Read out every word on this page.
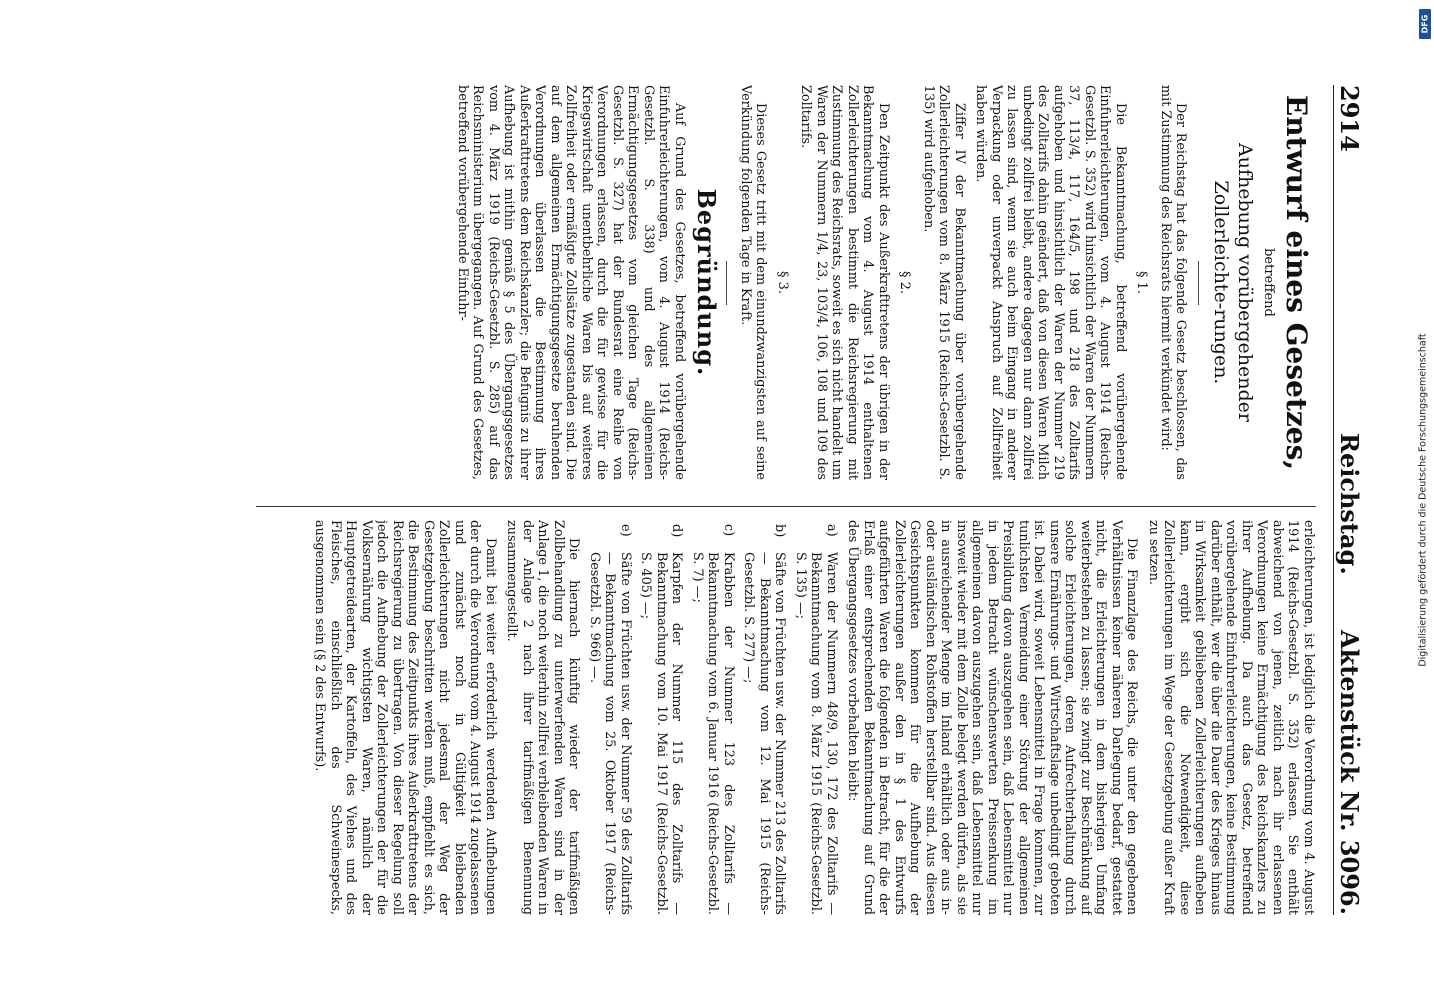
2914
Reichstag.
Aktenstück Nr. 3096.
Entwurf eines Gesetzes,
betreffend
Aufhebung vorübergehender Zollerleichte-rungen.

Der Reichstag hat das folgende Gesetz beschlossen, das mit Zustimmung des Reichsrats hiermit verkündet wird:

§ 1.

Die Bekanntmachung, betreffend vorübergehende Einfuhrerleichterungen, vom 4. August 1914 (Reichs-Gesetzbl. S. 352) wird hinsichtlich der Waren der Nummern 37, 113/4, 117, 164/5, 198 und 218 des Zolltarifs aufgehoben und hinsichtlich der Waren der Nummer 219 des Zolltarifs dahin geändert, daß von diesen Waren Milch unbedingt zollfrei bleibt, andere dagegen nur dann zollfrei zu lassen sind, wenn sie auch beim Eingang in anderer Verpackung oder unverpackt Anspruch auf Zollfreiheit haben würden.

Ziffer IV der Bekanntmachung über vorübergehende Zollerleichterungen vom 8. März 1915 (Reichs-Gesetzbl. S. 135) wird aufgehoben.

§ 2.

Den Zeitpunkt des Außerkrafttretens der übrigen in der Bekanntmachung vom 4. August 1914 enthaltenen Zollerleichterungen bestimmt die Reichsregierung mit Zustimmung des Reichsrats, soweit es sich nicht handelt um Waren der Nummern 1/4, 23, 103/4, 106, 108 und 109 des Zolltarifs.

§ 3.

Dieses Gesetz tritt mit dem einundzwanzigsten auf seine Verkündung folgenden Tage in Kraft.

Begründung.

Auf Grund des Gesetzes, betreffend vorübergehende Einfuhrerleichterungen, vom 4. August 1914 (Reichs-Gesetzbl. S. 338) und des allgemeinen Ermächtigungsgesetzes vom gleichen Tage (Reichs-Gesetzbl. S. 327) hat der Bundesrat eine Reihe von Verordnungen erlassen, durch die für gewisse für die Kriegswirtschaft unentbehrliche Waren bis auf weiteres Zollfreiheit oder ermäßigte Zollsätze zugestanden sind. Die auf dem allgemeinen Ermächtigungsgesetze beruhenden Verordnungen überlassen die Bestimmung ihres Außerkrafttretens dem Reichskanzler; die Befugnis zu ihrer Aufhebung ist mithin gemäß § 5 des Übergangsgesetzes vom 4. März 1919 (Reichs-Gesetzbl. S. 285) auf das Reichsministerium übergegangen. Auf Grund des Gesetzes, betreffend vorübergehende Einfuhr-

erleichterungen, ist lediglich die Verordnung vom 4. August 1914 (Reichs-Gesetzbl. S. 352) erlassen. Sie enthält abweichend von jenen, zeitlich nach ihr erlassenen Verordnungen keine Ermächtigung des Reichskanzlers zu ihrer Aufhebung. Da auch das Gesetz, betreffend vorübergehende Einfuhrerleichterungen, keine Bestimmung darüber enthält, wer die über die Dauer des Krieges hinaus in Wirksamkeit gebliebenen Zollerleichterungen aufheben kann, ergibt sich die Notwendigkeit, diese Zollerleichterungen im Wege der Gesetzgebung außer Kraft zu setzen.

Die Finanzlage des Reichs, die unter den gegebenen Verhältnissen keiner näheren Darlegung bedarf, gestattet nicht, die Erleichterungen in dem bisherigen Umfang weiterbestehen zu lassen; sie zwingt zur Beschränkung auf solche Erleichterungen, deren Aufrechterhaltung durch unsere Ernährungs- und Wirtschaftslage unbedingt geboten ist. Dabei wird, soweit Lebensmittel in Frage kommen, zur tunlichsten Vermeidung einer Störung der allgemeinen Preisbildung davon auszugehen sein, daß Lebensmittel nur in jedem Betracht wünschenswerten Preissenkung im allgemeinen davon auszugehen sein, daß Lebensmittel nur insoweit wieder mit dem Zolle belegt werden dürfen, als sie in ausreichender Menge im Inland erhältlich oder aus in- oder ausländischen Rohstoffen herstellbar sind. Aus diesen Gesichtspunkten kommen für die Aufhebung der Zollerleichterungen außer den in § 1 des Entwurfs aufgeführten Waren die folgenden in Betracht, für die der Erlaß einer entsprechenden Bekanntmachung auf Grund des Übergangsgesetzes vorbehalten bleibt:

a)
Waren der Nummern 48/9, 130, 172 des Zolltarifs — Bekanntmachung vom 8. März 1915 (Reichs-Gesetzbl. S. 135) —;
b)
Säfte von Früchten usw. der Nummer 213 des Zolltarifs — Bekanntmachung vom 12. Mai 1915 (Reichs-Gesetzbl. S. 277) —;
c)
Krabben der Nummer 123 des Zolltarifs — Bekanntmachung vom 6. Januar 1916 (Reichs-Gesetzbl. S. 7) —;
d)
Karpfen der Nummer 115 des Zolltarifs — Bekanntmachung vom 10. Mai 1917 (Reichs-Gesetzbl. S. 405) —;
e)
Säfte von Früchten usw. der Nummer 59 des Zolltarifs — Bekanntmachung vom 25. Oktober 1917 (Reichs-Gesetzbl. S. 966) —.

Die hiernach künftig wieder der tarifmäßigen Zollbehandlung zu unterwerfenden Waren sind in der Anlage 1, die noch weiterhin zollfrei verbleibenden Waren in der Anlage 2 nach ihrer tarifmäßigen Benennung zusammengestellt.

Damit bei weiter erforderlich werdenden Aufhebungen der durch die Verordnung vom 4. August 1914 zugelassenen und zunächst noch in Gültigkeit bleibenden Zollerleichterungen nicht jedesmal der Weg der Gesetzgebung beschritten werden muß, empfiehlt es sich, die Bestimmung des Zeitpunkts ihres Außerkrafttretens der Reichsregierung zu übertragen. Von dieser Regelung soll jedoch die Aufhebung der Zollerleichterungen der für die Volksernährung wichtigsten Waren, nämlich der Hauptgetreidearten, der Kartoffeln, des Viehes und des Fleisches, einschließlich des Schweinespecks, ausgenommen sein (§ 2 des Entwurfs).

DFG
Digitalisierung gefördert durch die Deutsche Forschungsgemeinschaft
